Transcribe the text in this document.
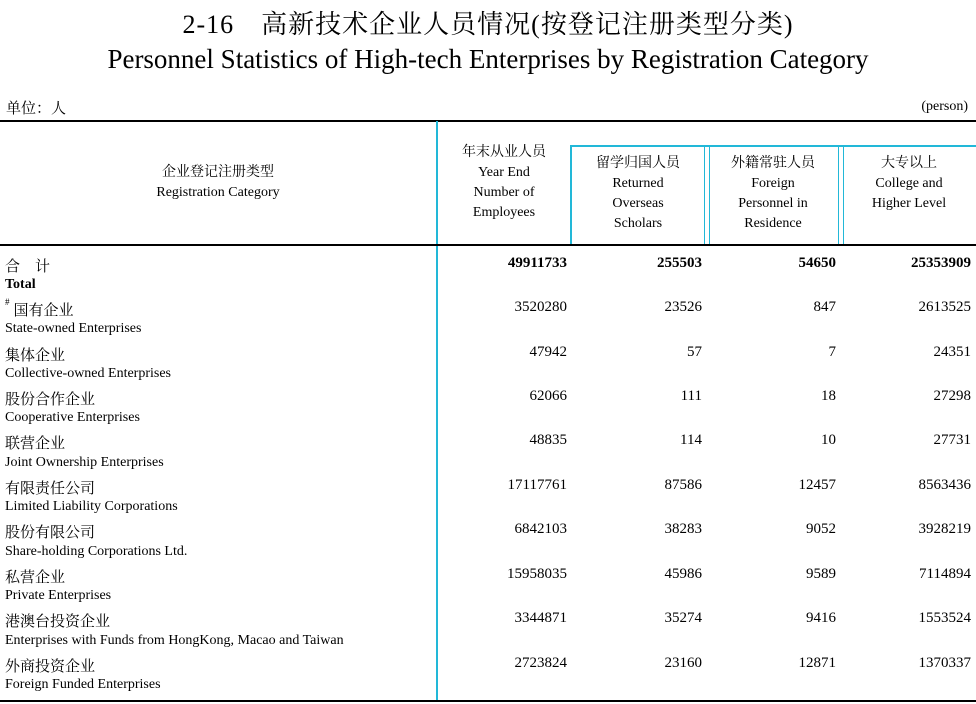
2-16　高新技术企业人员情况(按登记注册类型分类)
Personnel Statistics of High-tech Enterprises by Registration Category
单位：人	(person)
企业登记注册类型
Registration Category
年末从业人员
Year End
Number of
Employees
留学归国人员
Returned
Overseas
Scholars
外籍常驻人员
Foreign
Personnel in
Residence
大专以上
College and
Higher Level
合　计
Total
49911733	255503	54650	25353909
#国有企业
State-owned Enterprises
3520280	23526	847	2613525
集体企业
Collective-owned Enterprises
47942	57	7	24351
股份合作企业
Cooperative Enterprises
62066	111	18	27298
联营企业
Joint Ownership Enterprises
48835	114	10	27731
有限责任公司
Limited Liability Corporations
17117761	87586	12457	8563436
股份有限公司
Share-holding Corporations Ltd.
6842103	38283	9052	3928219
私营企业
Private Enterprises
15958035	45986	9589	7114894
港澳台投资企业
Enterprises with Funds from HongKong, Macao and Taiwan
3344871	35274	9416	1553524
外商投资企业
Foreign Funded Enterprises
2723824	23160	12871	1370337
